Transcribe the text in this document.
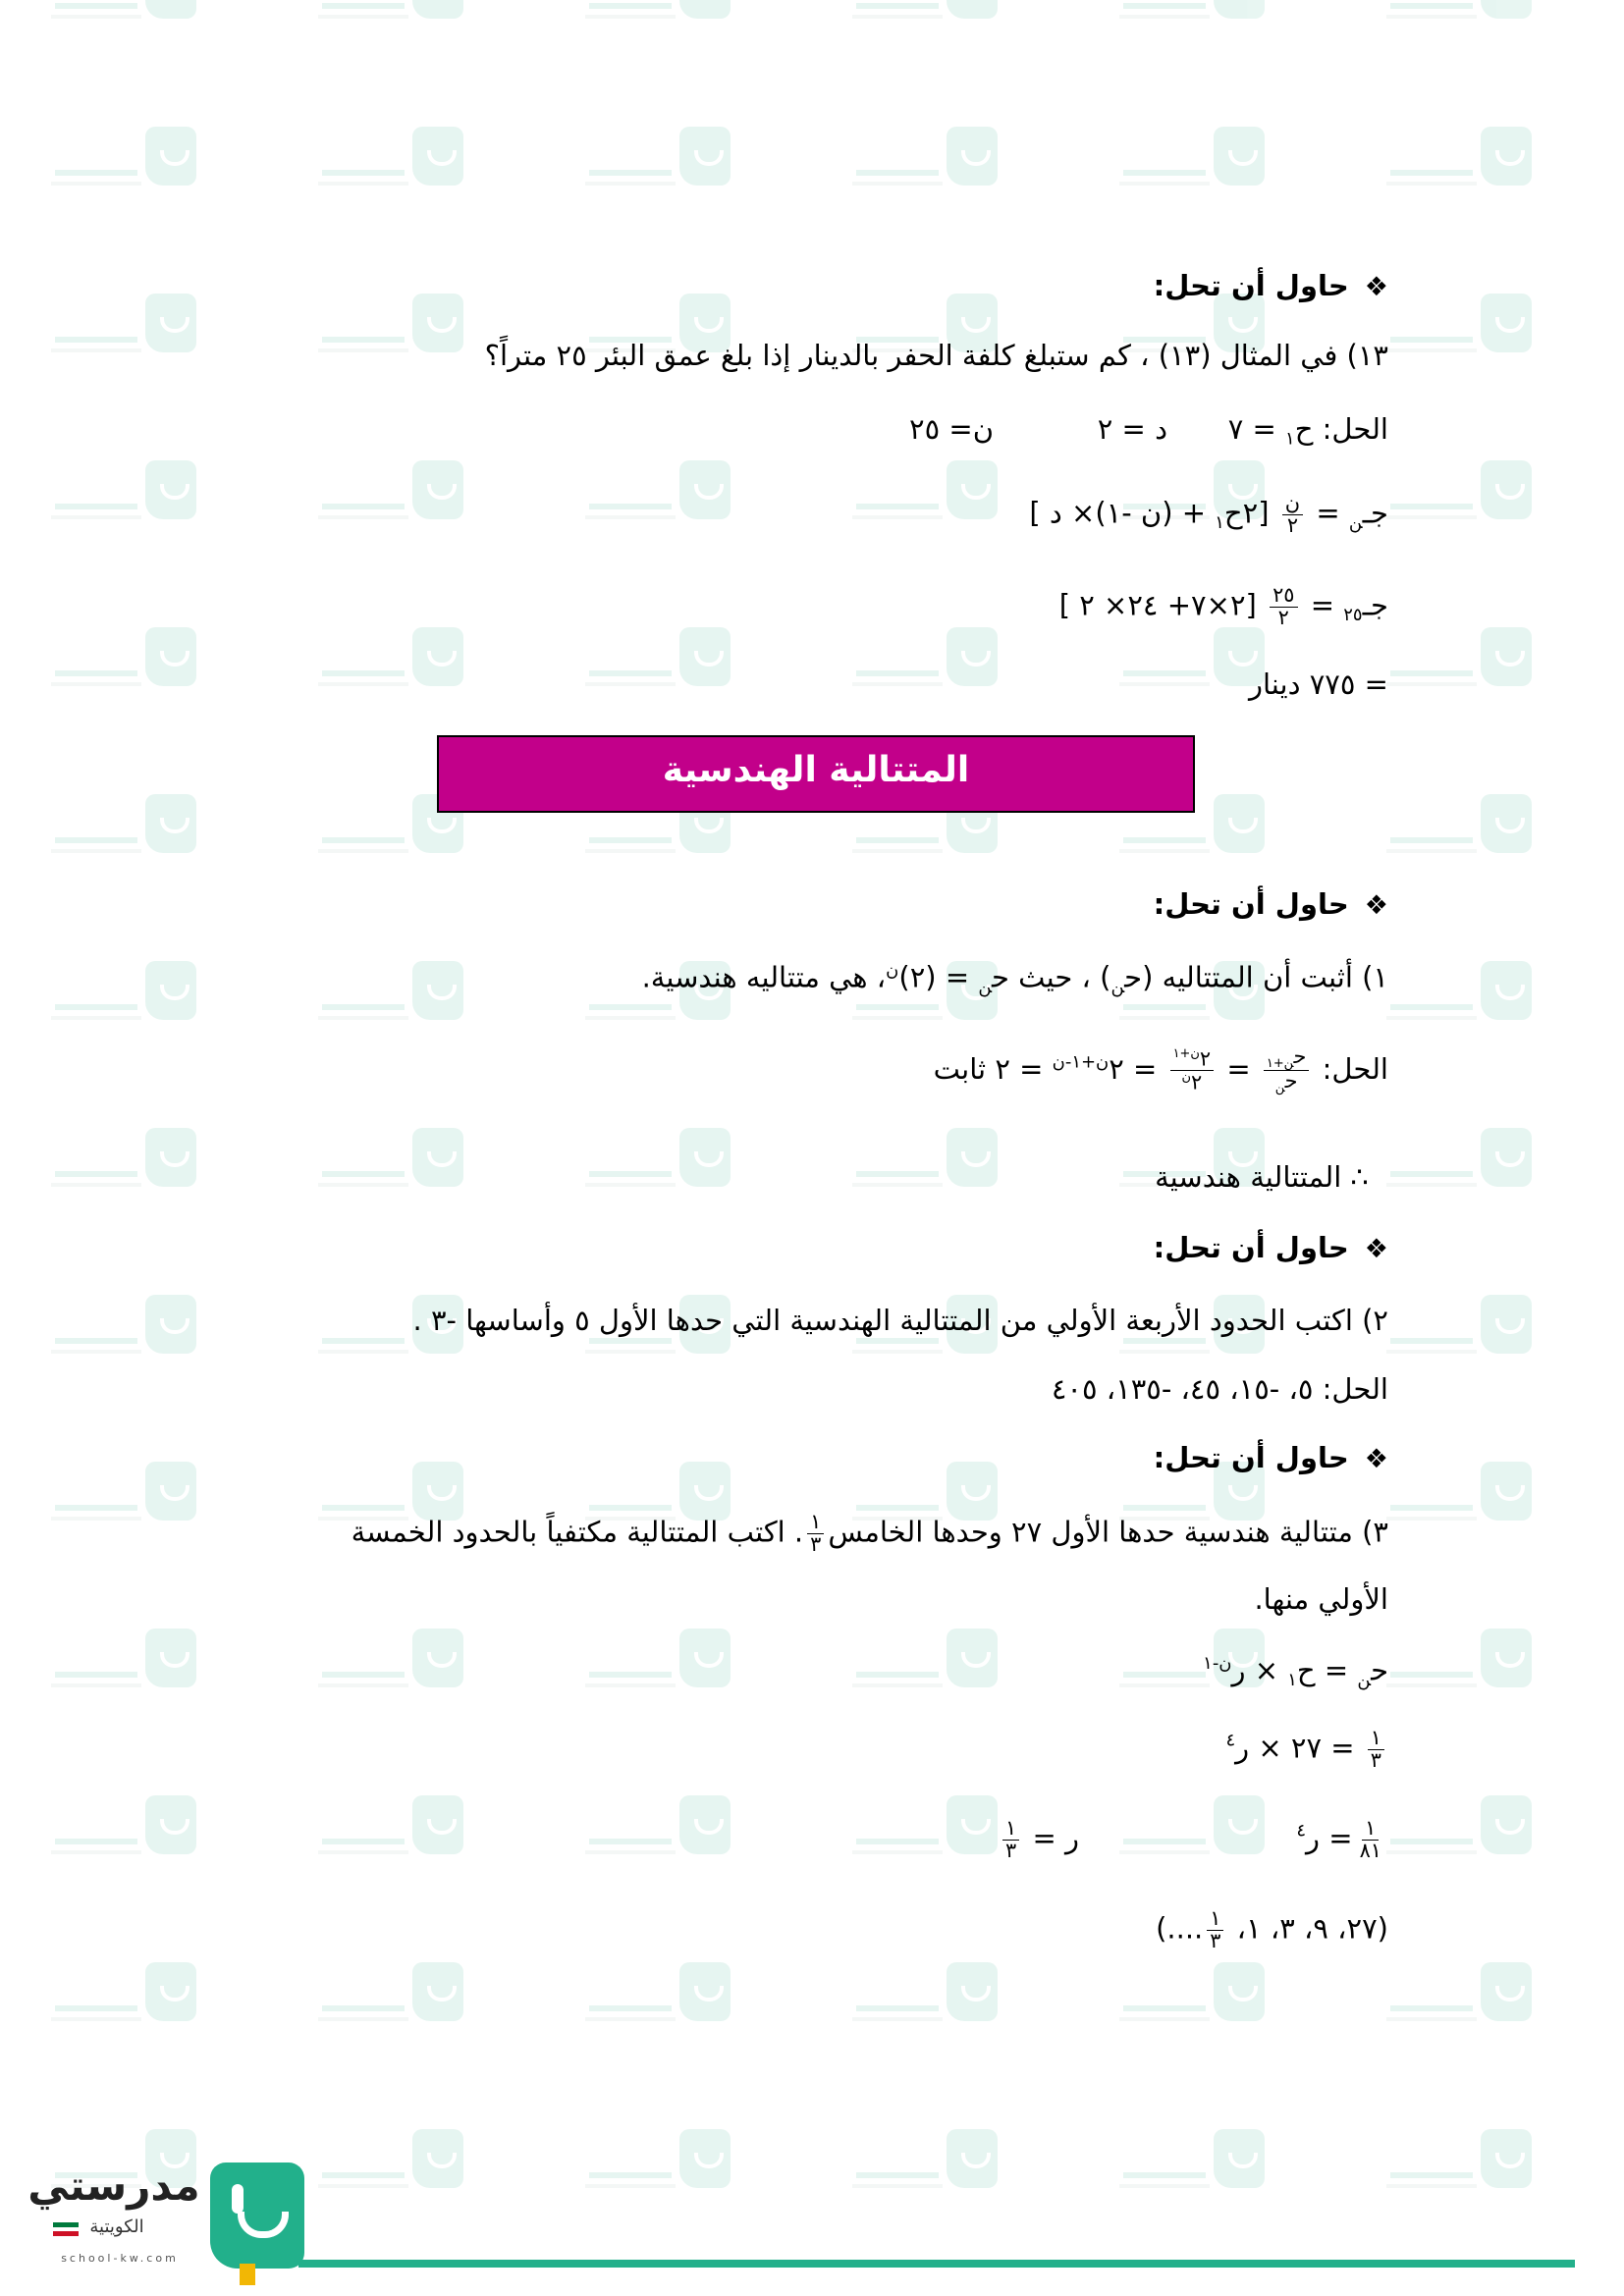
❖حاول أن تحل:
١٣) في المثال (١٣) ، كم ستبلغ كلفة الحفر بالدينار إذا بلغ عمق البئر ٢٥ متراً؟
الحل: ح$_١$ = ٧
د = ٢
ن= ٢٥
جـ$_ن$ =
$\frac{\text{ن}}{٢}$
[٢ح$_١$ + (ن -١)× د ]
جـ$_{٢٥}$ =
$\frac{٢٥}{٢}$
[٢×٧+ ٢٤× ٢ ]
= ٧٧٥ دينار
المتتالية الهندسية
❖حاول أن تحل:
١) أثبت أن المتتاليه (ح$_ن$) ، حيث ح$_ن$ = (٢)$^ن$، هي متتاليه هندسية.
الحل:
$\frac{ح_{ن+١}}{ح_ن}$
=
$\frac{٢^{ن+١}}{٢^ن}$
= $٢^{ن+١-ن}$ = ٢ ثابت
∴ المتتالية هندسية
❖حاول أن تحل:
٢) اكتب الحدود الأربعة الأولي من المتتالية الهندسية التي حدها الأول ٥ وأساسها -٣ .
الحل: ٥، -١٥، ٤٥، -١٣٥، ٤٠٥
❖حاول أن تحل:
٣) متتالية هندسية حدها الأول ٢٧ وحدها الخامس
$\frac{١}{٣}$
. اكتب المتتالية مكتفياً بالحدود الخمسة
الأولي منها.
ح$_ن$ = ح$_١$ × ر$^{ن-١}$
$\frac{١}{٣}$
= ٢٧ × ر$^٤$
$\frac{١}{٨١}$
= ر$^٤$
ر =
$\frac{١}{٣}$
(٢٧، ٩، ٣، ١،
$\frac{١}{٣}$
....)
مدرستي
الكويتية
school-kw.com
